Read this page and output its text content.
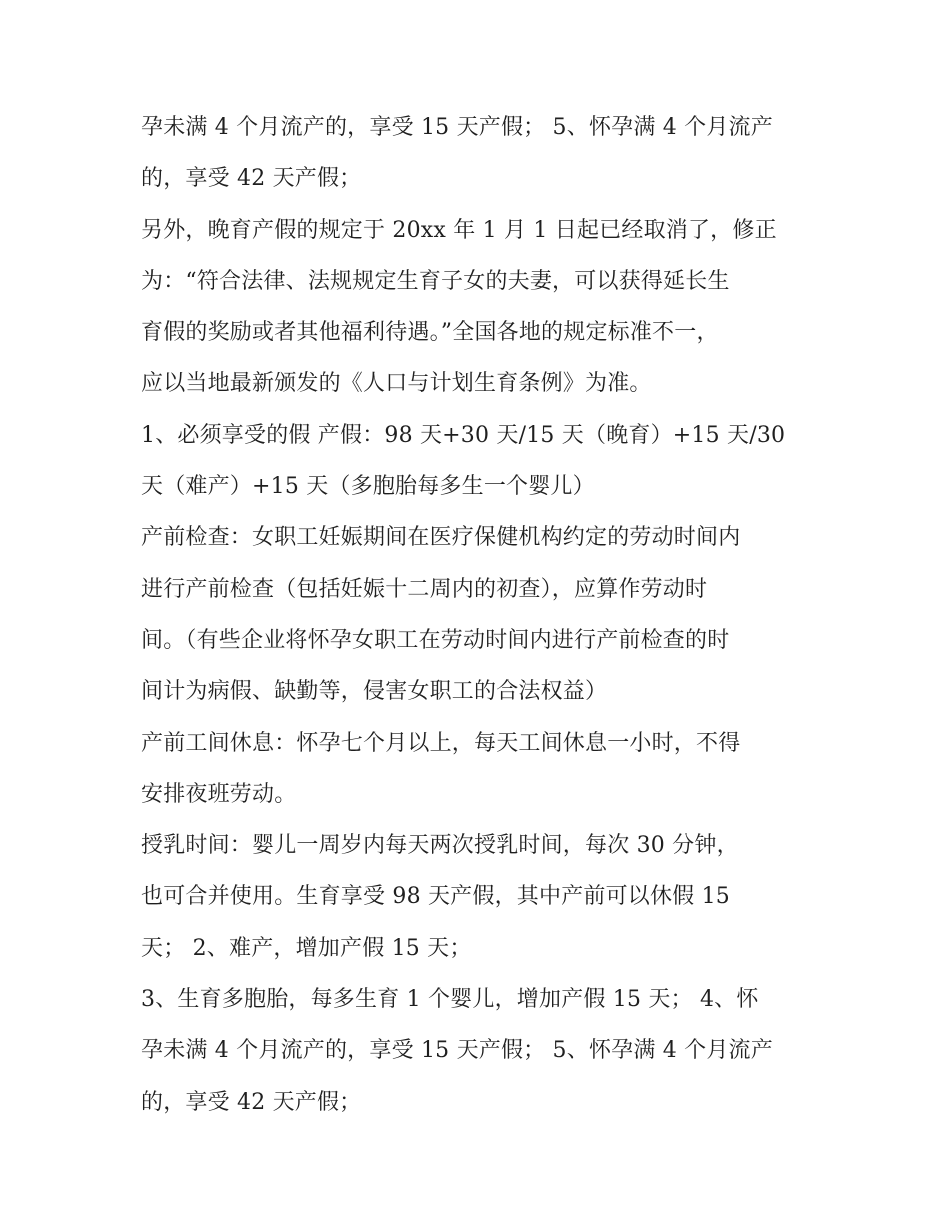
孕未满 4 个月流产的，享受 15 天产假； 5、怀孕满 4 个月流产
的，享受 42 天产假；
另外，晚育产假的规定于 20xx 年 1 月 1 日起已经取消了，修正
为：“符合法律、法规规定生育子女的夫妻，可以获得延长生
育假的奖励或者其他福利待遇。”全国各地的规定标准不一，
应以当地最新颁发的《人口与计划生育条例》为准。
1、必须享受的假 产假：98 天+30 天/15 天（晚育）+15 天/30
天（难产）+15 天（多胞胎每多生一个婴儿）
产前检查：女职工妊娠期间在医疗保健机构约定的劳动时间内
进行产前检查（包括妊娠十二周内的初查），应算作劳动时
间。（有些企业将怀孕女职工在劳动时间内进行产前检查的时
间计为病假、缺勤等，侵害女职工的合法权益）
产前工间休息：怀孕七个月以上，每天工间休息一小时，不得
安排夜班劳动。
授乳时间：婴儿一周岁内每天两次授乳时间，每次 30 分钟，
也可合并使用。生育享受 98 天产假，其中产前可以休假 15
天； 2、难产，增加产假 15 天；
3、生育多胞胎，每多生育 1 个婴儿，增加产假 15 天； 4、怀
孕未满 4 个月流产的，享受 15 天产假； 5、怀孕满 4 个月流产
的，享受 42 天产假；
